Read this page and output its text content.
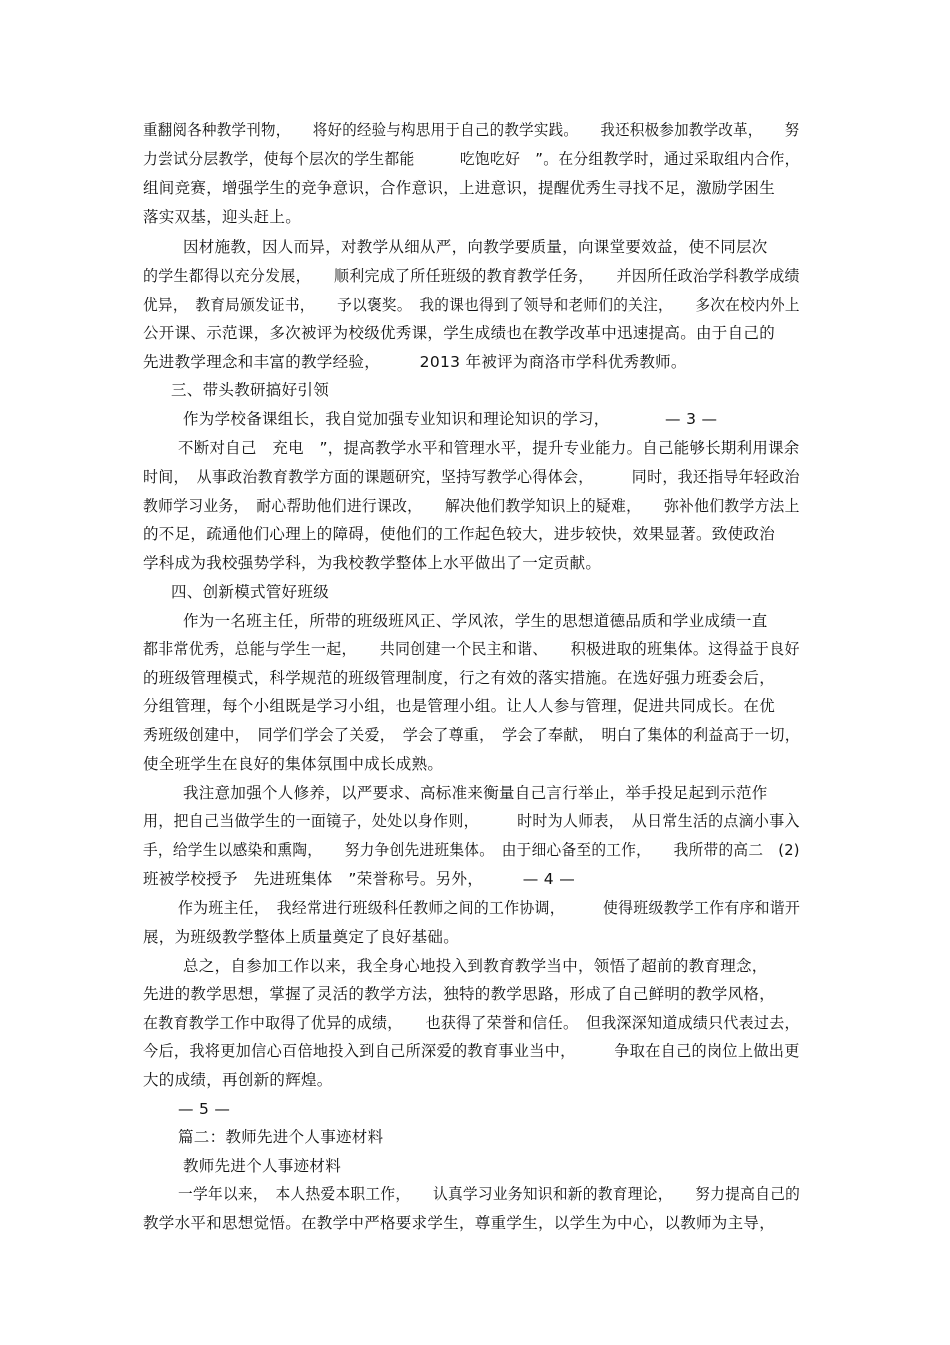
重翻阅各种教学刊物，　　将好的经验与构思用于自己的教学实践。　　我还积极参加教学改革，　　努
力尝试分层教学，使每个层次的学生都能　　　吃饱吃好　”。在分组教学时，通过采取组内合作，
组间竞赛，增强学生的竞争意识，合作意识，上进意识，提醒优秀生寻找不足，激励学困生
落实双基，迎头赶上。
因材施教，因人而异，对教学从细从严，向教学要质量，向课堂要效益，使不同层次
的学生都得以充分发展，　　顺利完成了所任班级的教育教学任务，　　并因所任政治学科教学成绩
优异，　教育局颁发证书，　　予以褒奖。　我的课也得到了领导和老师们的关注，　　多次在校内外上
公开课、示范课，多次被评为校级优秀课，学生成绩也在教学改革中迅速提高。由于自己的
先进教学理念和丰富的教学经验，　　　2013 年被评为商洛市学科优秀教师。
三、带头教研搞好引领
作为学校备课组长，我自觉加强专业知识和理论知识的学习，　　　　— 3 —
不断对自己　充电　”，提高教学水平和管理水平，提升专业能力。自己能够长期利用课余
时间，　从事政治教育教学方面的课题研究，坚持写教学心得体会，　　　同时，我还指导年轻政治
教师学习业务，　耐心帮助他们进行课改，　　解决他们教学知识上的疑难，　　弥补他们教学方法上
的不足，疏通他们心理上的障碍，使他们的工作起色较大，进步较快，效果显著。致使政治
学科成为我校强势学科，为我校教学整体上水平做出了一定贡献。
四、创新模式管好班级
作为一名班主任，所带的班级班风正、学风浓，学生的思想道德品质和学业成绩一直
都非常优秀，总能与学生一起，　　共同创建一个民主和谐、　　积极进取的班集体。这得益于良好
的班级管理模式，科学规范的班级管理制度，行之有效的落实措施。在选好强力班委会后，
分组管理，每个小组既是学习小组，也是管理小组。让人人参与管理，促进共同成长。在优
秀班级创建中，　同学们学会了关爱，　学会了尊重，　学会了奉献，　明白了集体的利益高于一切，
使全班学生在良好的集体氛围中成长成熟。
我注意加强个人修养，以严要求、高标准来衡量自己言行举止，举手投足起到示范作
用，把自己当做学生的一面镜子，处处以身作则，　　　时时为人师表，　从日常生活的点滴小事入
手，给学生以感染和熏陶，　　努力争创先进班集体。　由于细心备至的工作，　　我所带的高二　(2)
班被学校授予　先进班集体　”荣誉称号。另外，　　　— 4 —
作为班主任，　我经常进行班级科任教师之间的工作协调，　　　使得班级教学工作有序和谐开
展，为班级教学整体上质量奠定了良好基础。
总之，自参加工作以来，我全身心地投入到教育教学当中，领悟了超前的教育理念，
先进的教学思想，掌握了灵活的教学方法，独特的教学思路，形成了自己鲜明的教学风格，
在教育教学工作中取得了优异的成绩，　　也获得了荣誉和信任。　但我深深知道成绩只代表过去，
今后，我将更加信心百倍地投入到自己所深爱的教育事业当中，　　　争取在自己的岗位上做出更
大的成绩，再创新的辉煌。
— 5 —
篇二：教师先进个人事迹材料
教师先进个人事迹材料
一学年以来，　本人热爱本职工作，　　认真学习业务知识和新的教育理论，　　努力提高自己的
教学水平和思想觉悟。在教学中严格要求学生，尊重学生，以学生为中心，以教师为主导，
